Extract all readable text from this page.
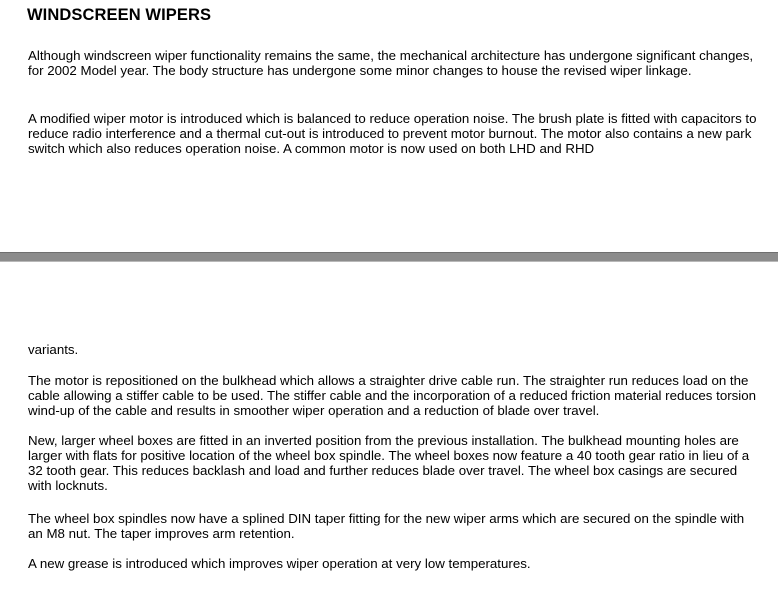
WINDSCREEN WIPERS

Although windscreen wiper functionality remains the same, the mechanical architecture has undergone significant changes, for 2002 Model year. The body structure has undergone some minor changes to house the revised wiper linkage.

A modified wiper motor is introduced which is balanced to reduce operation noise. The brush plate is fitted with capacitors to reduce radio interference and a thermal cut-out is introduced to prevent motor burnout. The motor also contains a new park switch which also reduces operation noise. A common motor is now used on both LHD and RHD

variants.

The motor is repositioned on the bulkhead which allows a straighter drive cable run. The straighter run reduces load on the cable allowing a stiffer cable to be used. The stiffer cable and the incorporation of a reduced friction material reduces torsion wind-up of the cable and results in smoother wiper operation and a reduction of blade over travel.

New, larger wheel boxes are fitted in an inverted position from the previous installation. The bulkhead mounting holes are larger with flats for positive location of the wheel box spindle. The wheel boxes now feature a 40 tooth gear ratio in lieu of a 32 tooth gear. This reduces backlash and load and further reduces blade over travel. The wheel box casings are secured with locknuts.

The wheel box spindles now have a splined DIN taper fitting for the new wiper arms which are secured on the spindle with an M8 nut. The taper improves arm retention.

A new grease is introduced which improves wiper operation at very low temperatures.
